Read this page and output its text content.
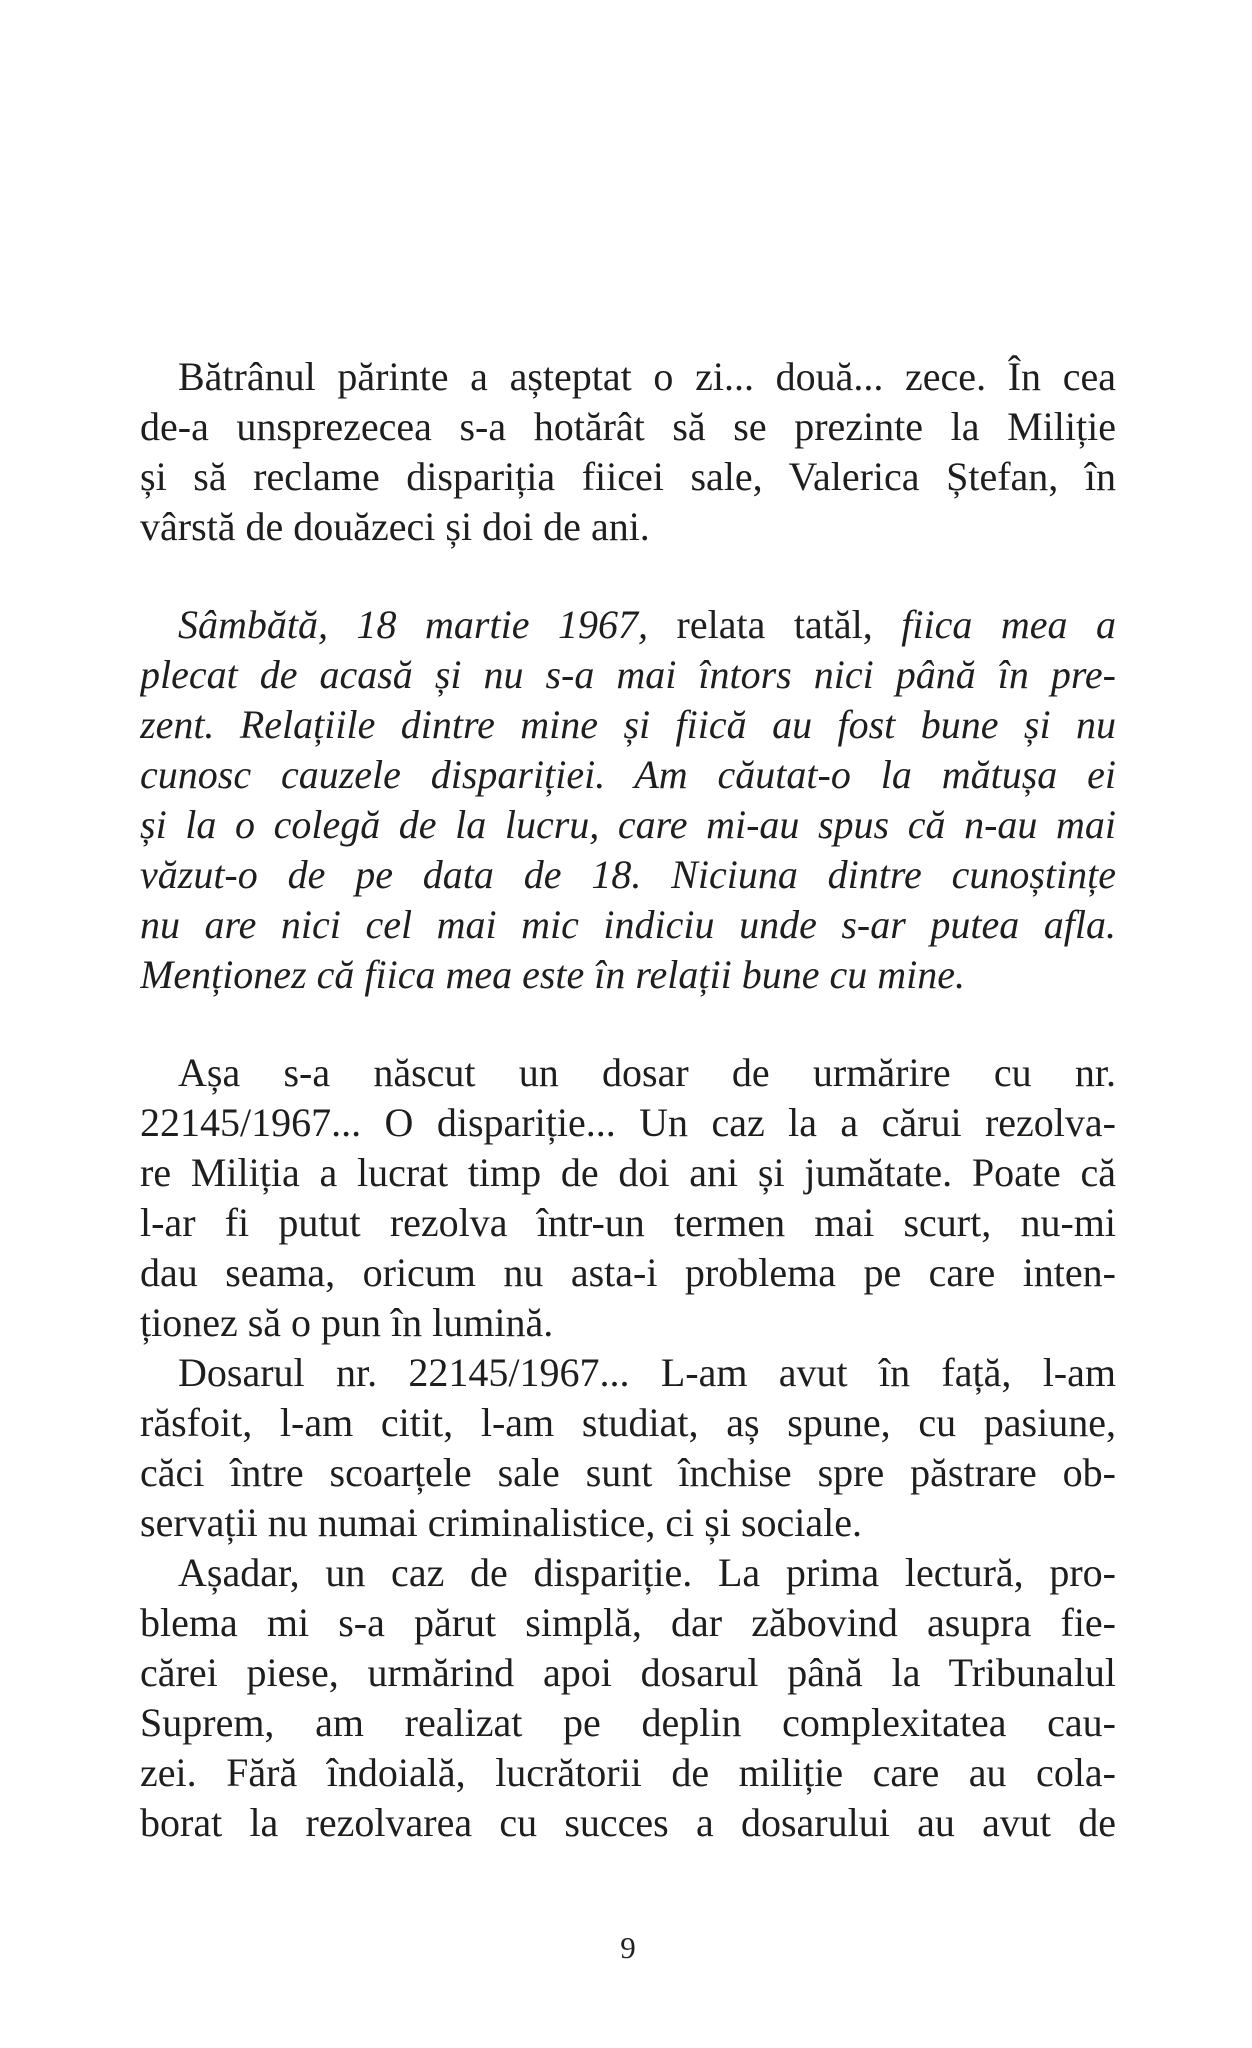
Bătrânul părinte a așteptat o zi... două... zece. În cea
de-a unsprezecea s-a hotărât să se prezinte la Miliție
și să reclame dispariția fiicei sale, Valerica Ștefan, în
vârstă de douăzeci și doi de ani.
Sâmbătă, 18 martie 1967, relata tatăl, fiica mea a
plecat de acasă și nu s-a mai întors nici până în pre-
zent. Relațiile dintre mine și fiică au fost bune și nu
cunosc cauzele dispariției. Am căutat-o la mătușa ei
și la o colegă de la lucru, care mi-au spus că n-au mai
văzut-o de pe data de 18. Niciuna dintre cunoștințe
nu are nici cel mai mic indiciu unde s-ar putea afla.
Menționez că fiica mea este în relații bune cu mine.
Așa s-a născut un dosar de urmărire cu nr.
22145/1967... O dispariție... Un caz la a cărui rezolva-
re Miliția a lucrat timp de doi ani și jumătate. Poate că
l-ar fi putut rezolva într-un termen mai scurt, nu-mi
dau seama, oricum nu asta-i problema pe care inten-
ționez să o pun în lumină.
Dosarul nr. 22145/1967... L-am avut în față, l-am
răsfoit, l-am citit, l-am studiat, aș spune, cu pasiune,
căci între scoarțele sale sunt închise spre păstrare ob-
servații nu numai criminalistice, ci și sociale.
Așadar, un caz de dispariție. La prima lectură, pro-
blema mi s-a părut simplă, dar zăbovind asupra fie-
cărei piese, urmărind apoi dosarul până la Tribunalul
Suprem, am realizat pe deplin complexitatea cau-
zei. Fără îndoială, lucrătorii de miliție care au cola-
borat la rezolvarea cu succes a dosarului au avut de
9
